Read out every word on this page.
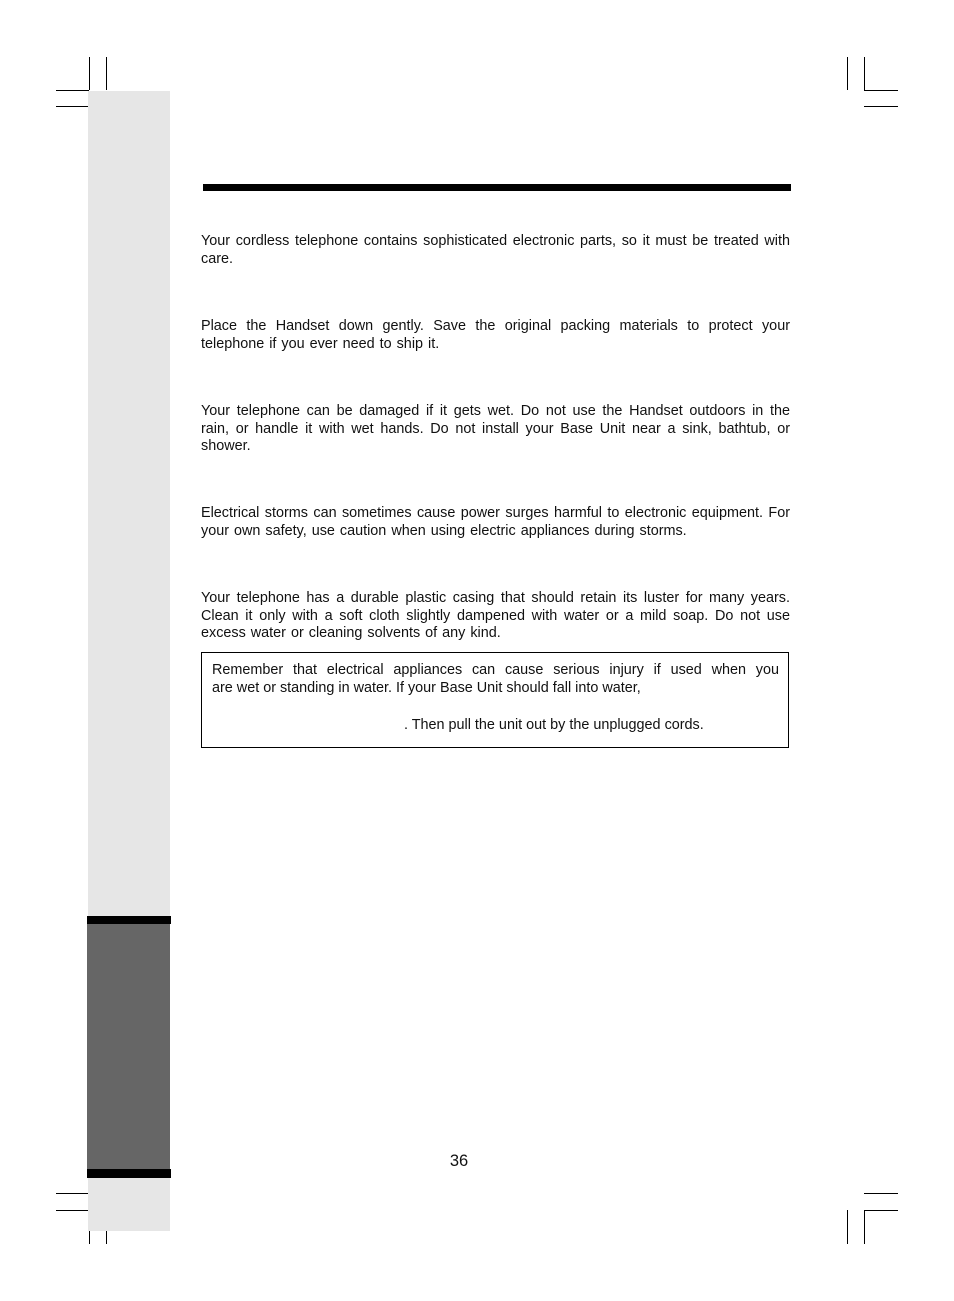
Your cordless telephone contains sophisticated electronic parts, so it must be treated with care.

Place the Handset down gently. Save the original packing materials to protect your telephone if you ever need to ship it.

Your telephone can be damaged if it gets wet. Do not use the Handset outdoors in the rain, or handle it with wet hands. Do not install your Base Unit near a sink, bathtub, or shower.

Electrical storms can sometimes cause power surges harmful to electronic equipment. For your own safety, use caution when using electric appliances during storms.

Your telephone has a durable plastic casing that should retain its luster for many years. Clean it only with a soft cloth slightly dampened with water or a mild soap. Do not use excess water or cleaning solvents of any kind.

Remember that electrical appliances can cause serious injury if used when you

are wet or standing in water. If your Base Unit should fall into water,

. Then pull the unit out by the unplugged cords.

36
